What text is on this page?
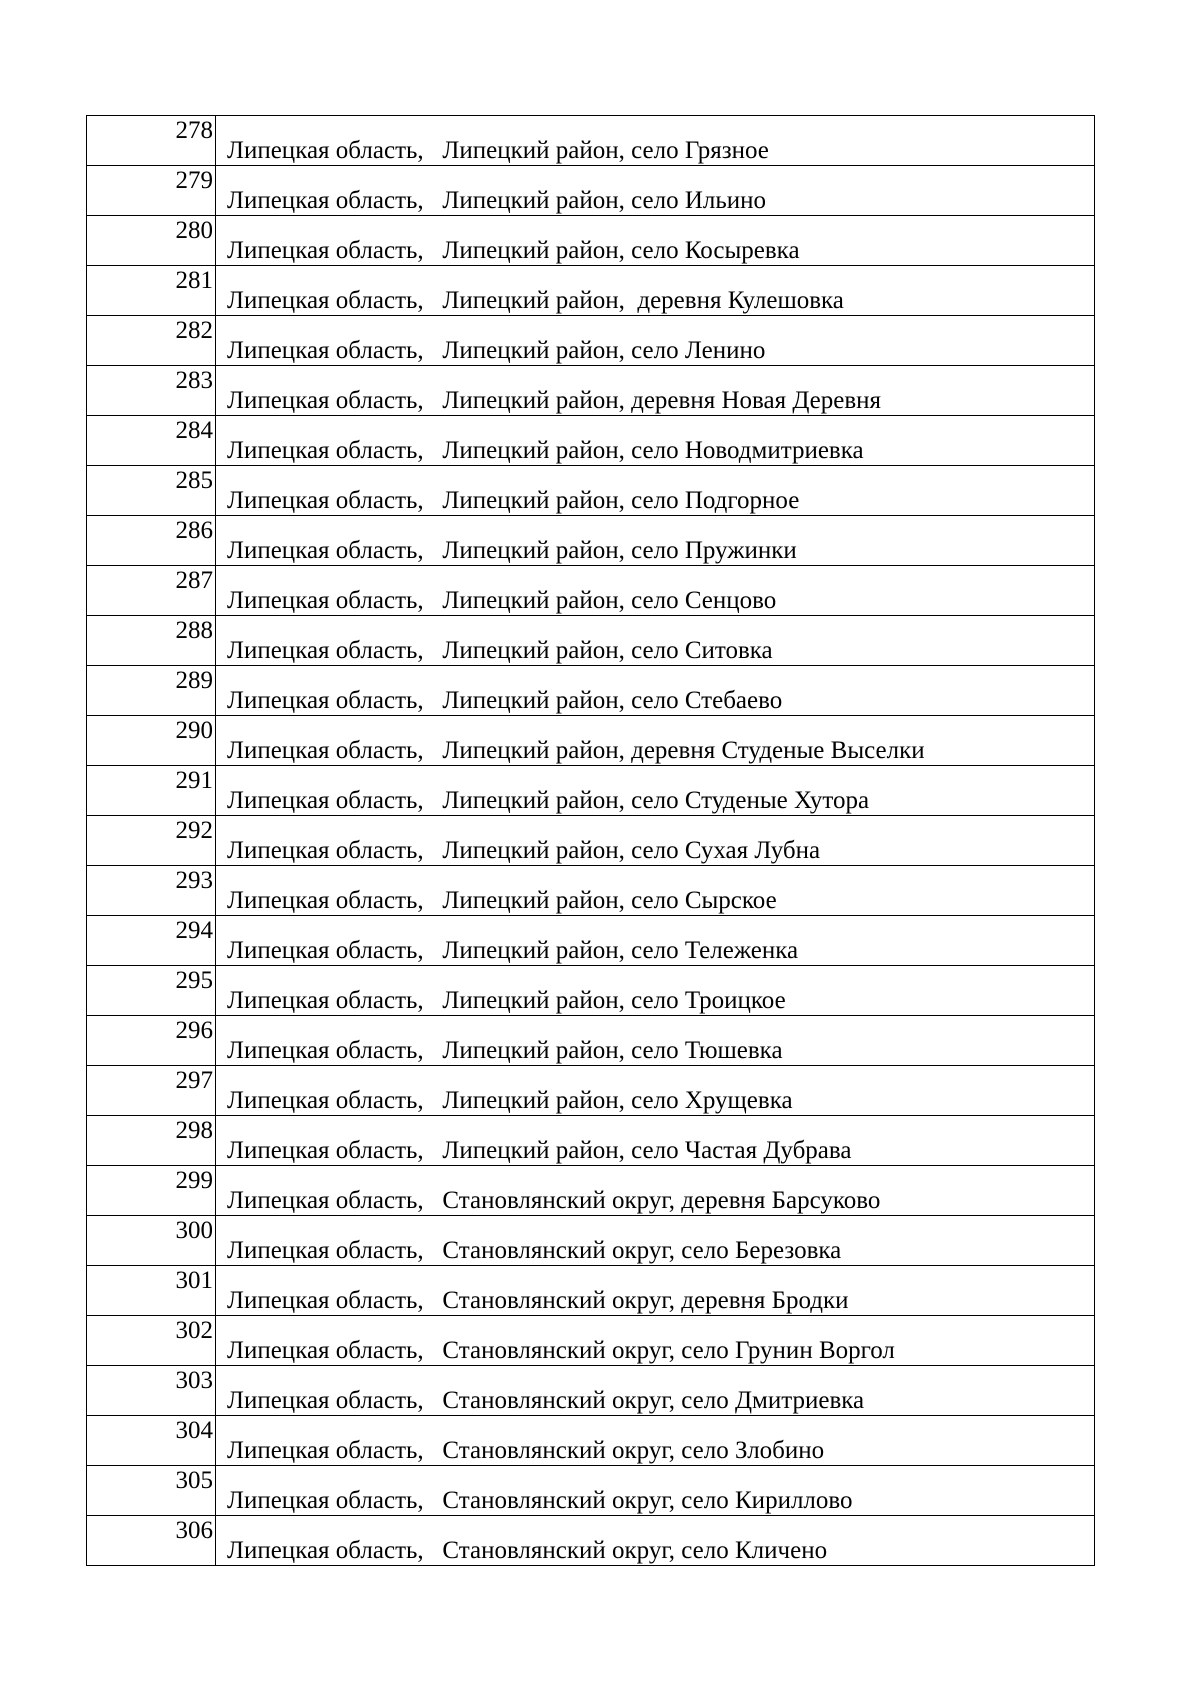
278	Липецкая область, Липецкий район, село Грязное

279	Липецкая область, Липецкий район, село Ильино

280	Липецкая область, Липецкий район, село Косыревка

281	Липецкая область, Липецкий район,  деревня Кулешовка

282	Липецкая область, Липецкий район, село Ленино

283	Липецкая область, Липецкий район, деревня Новая Деревня

284	Липецкая область, Липецкий район, село Новодмитриевка

285	Липецкая область, Липецкий район, село Подгорное

286	Липецкая область, Липецкий район, село Пружинки

287	Липецкая область, Липецкий район, село Сенцово

288	Липецкая область, Липецкий район, село Ситовка

289	Липецкая область, Липецкий район, село Стебаево

290	Липецкая область, Липецкий район, деревня Студеные Выселки

291	Липецкая область, Липецкий район, село Студеные Хутора

292	Липецкая область, Липецкий район, село Сухая Лубна

293	Липецкая область, Липецкий район, село Сырское

294	Липецкая область, Липецкий район, село Тележенка

295	Липецкая область, Липецкий район, село Троицкое

296	Липецкая область, Липецкий район, село Тюшевка

297	Липецкая область, Липецкий район, село Хрущевка

298	Липецкая область, Липецкий район, село Частая Дубрава

299	Липецкая область, Становлянский округ, деревня Барсуково

300	Липецкая область, Становлянский округ, село Березовка

301	Липецкая область, Становлянский округ, деревня Бродки

302	Липецкая область, Становлянский округ, село Грунин Воргол

303	Липецкая область, Становлянский округ, село Дмитриевка

304	Липецкая область, Становлянский округ, село Злобино

305	Липецкая область, Становлянский округ, село Кириллово

306	Липецкая область, Становлянский округ, село Кличено
